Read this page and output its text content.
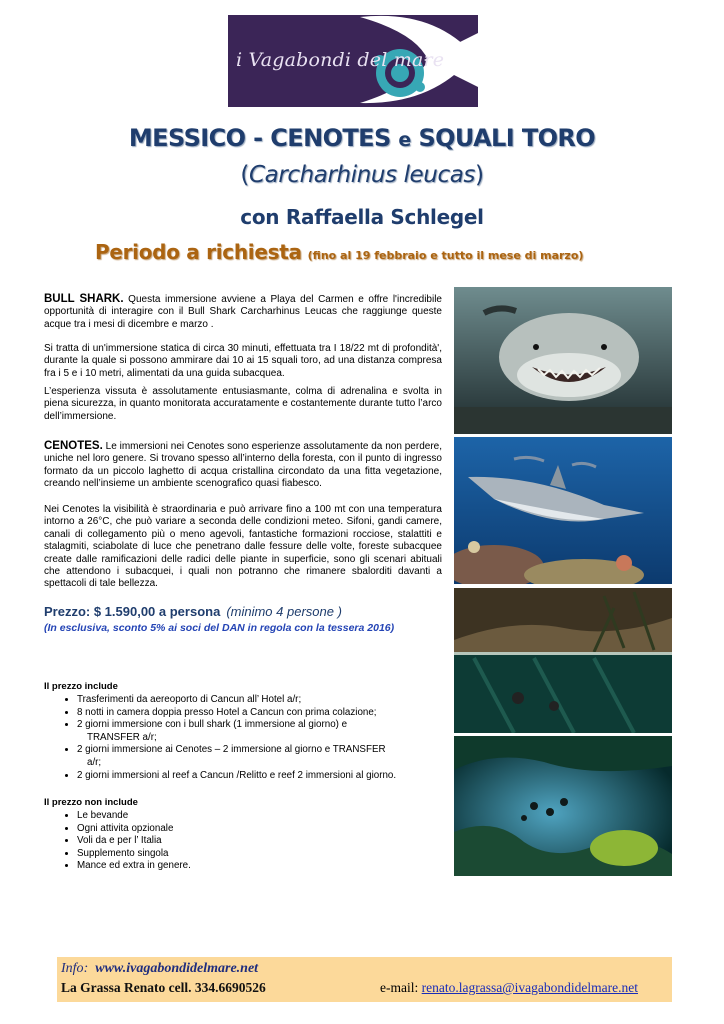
i Vagabondi del mare
MESSICO - CENOTES e SQUALI TORO
(Carcharhinus leucas)
con Raffaella Schlegel
Periodo a richiesta (fino al 19 febbraio e tutto il mese di marzo)

BULL SHARK. Questa immersione avviene a Playa del Carmen e offre l'incredibile opportunità di interagire con il Bull Shark Carcharhinus Leucas che raggiunge queste acque tra i mesi di dicembre e marzo .

Si tratta di un'immersione statica di circa 30 minuti, effettuata tra I 18/22 mt di profondità', durante la quale si possono ammirare dai 10 ai 15 squali toro, ad una distanza compresa fra i 5 e i 10 metri, alimentati da una guida subacquea.

L’esperienza vissuta è assolutamente entusiasmante, colma di adrenalina e svolta in piena sicurezza, in quanto monitorata accuratamente e costantemente durante tutto l’arco dell’immersione.

CENOTES. Le immersioni nei Cenotes sono esperienze assolutamente da non perdere, uniche nel loro genere. Si trovano spesso all’interno della foresta, con il punto di ingresso formato da un piccolo laghetto di acqua cristallina circondato da una fitta vegetazione, creando nell’insieme un ambiente scenografico quasi fiabesco.

Nei Cenotes la visibilità è straordinaria e può arrivare fino a 100 mt con una temperatura intorno a 26°C, che può variare a seconda delle condizioni meteo. Sifoni, gandi camere, canali di collegamento più o meno agevoli, fantastiche formazioni rocciose, stalattiti e stalagmiti, sciabolate di luce che penetrano dalle fessure delle volte, foreste subacquee create dalle ramificazioni delle radici delle piante in superficie, sono gli scenari abituali che attendono i subacquei, i quali non potranno che rimanere sbalorditi davanti a spettacoli di tale bellezza.

Prezzo: $ 1.590,00 a persona (minimo 4 persone )

(In esclusiva, sconto 5% ai soci del DAN in regola con la tessera 2016)

Il prezzo include

• Trasferimenti da aereoporto di Cancun all’ Hotel a/r;
• 8 notti in camera doppia presso Hotel a Cancun con prima colazione;
• 2 giorni immersione con i bull shark (1 immersione al giorno) e
TRANSFER a/r;
• 2 giorni immersione ai Cenotes – 2 immersione al giorno e TRANSFER
a/r;
• 2 giorni immersioni al reef a Cancun /Relitto e reef 2 immersioni al giorno.

Il prezzo non include

• Le bevande
• Ogni attivita opzionale
• Voli da e per l’ Italia
• Supplemento singola
• Mance ed extra in genere.
Info: www.ivagabondidelmare.net
La Grassa Renato cell. 334.6690526	e-mail: renato.lagrassa@ivagabondidelmare.net
